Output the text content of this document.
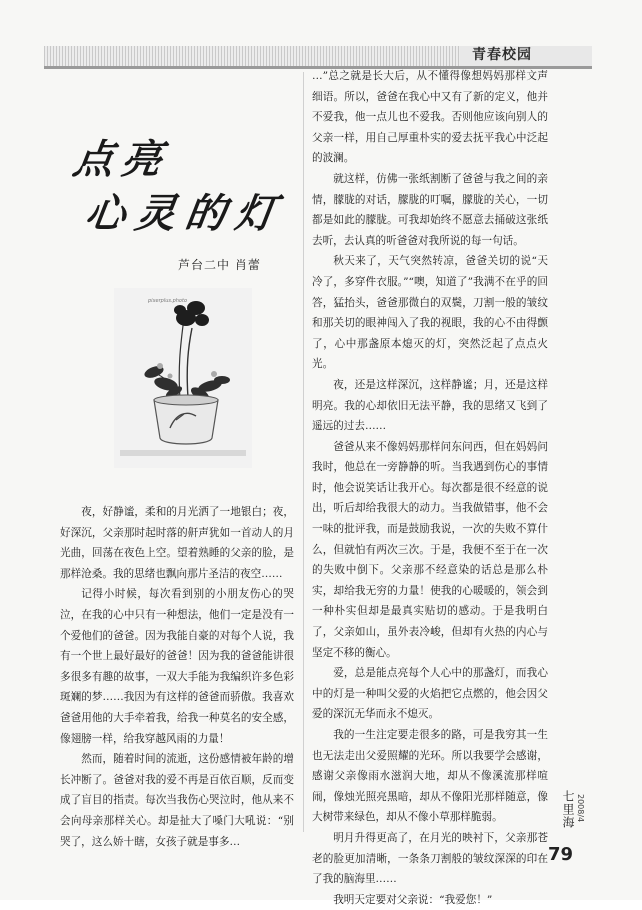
青春校园
点亮
心灵的灯
芦台二中 肖蕾
pixerplus.photo

夜，好静谧，柔和的月光洒了一地银白；夜，好深沉，父亲那时起时落的鼾声犹如一首动人的月光曲，回荡在夜色上空。望着熟睡的父亲的脸，是那样沧桑。我的思绪也飘向那片圣洁的夜空……

记得小时候，每次看到别的小朋友伤心的哭泣，在我的心中只有一种想法，他们一定是没有一个爱他们的爸爸。因为我能自豪的对每个人说，我有一个世上最好最好的爸爸！因为我的爸爸能讲很多很多有趣的故事，一双大手能为我编织许多色彩斑斓的梦……我因为有这样的爸爸而骄傲。我喜欢爸爸用他的大手牵着我，给我一种莫名的安全感，像翅膀一样，给我穿越风雨的力量！

然而，随着时间的流逝，这份感情被年龄的增长冲断了。爸爸对我的爱不再是百依百顺，反而变成了盲目的指责。每次当我伤心哭泣时，他从来不会向母亲那样关心。却是扯大了嗓门大吼说：“别哭了，这么娇十瞎，女孩子就是事多…

…”总之就是长大后，从不懂得像想妈妈那样文声细语。所以，爸爸在我心中又有了新的定义，他并不爱我，他一点儿也不爱我。否则他应该向别人的父亲一样，用自己厚重朴实的爱去抚平我心中泛起的波澜。

就这样，仿佛一张纸割断了爸爸与我之间的亲情，朦胧的对话，朦胧的叮嘱，朦胧的关心，一切都是如此的朦胧。可我却始终不愿意去捅破这张纸去听，去认真的听爸爸对我所说的每一句话。

秋天来了，天气突然转凉，爸爸关切的说“天冷了，多穿件衣服。”“噢，知道了”我满不在乎的回答，猛抬头，爸爸那微白的双鬓，刀割一般的皱纹和那关切的眼神闯入了我的视眼，我的心不由得颤了，心中那盏原本熄灭的灯，突然泛起了点点火光。

夜，还是这样深沉，这样静谧；月，还是这样明亮。我的心却依旧无法平静，我的思绪又飞到了遥远的过去……

爸爸从来不像妈妈那样问东问西，但在妈妈问我时，他总在一旁静静的听。当我遇到伤心的事情时，他会说笑话让我开心。每次都是很不经意的说出，听后却给我很大的动力。当我做错事，他不会一味的批评我，而是鼓励我说，一次的失败不算什么，但就怕有两次三次。于是，我便不至于在一次的失败中倒下。父亲那不经意染的话总是那么朴实，却给我无穷的力量！使我的心暖暖的，领会到一种朴实但却是最真实贴切的感动。于是我明白了，父亲如山，虽外表冷峻，但却有火热的内心与坚定不移的衡心。

爱，总是能点亮每个人心中的那盏灯，而我心中的灯是一种叫父爱的火焰把它点燃的，他会因父爱的深沉无华而永不熄灭。

我的一生注定要走很多的路，可是我穷其一生也无法走出父爱照耀的光环。所以我要学会感谢，感谢父亲像雨水滋润大地，却从不像溪流那样喧闹，像烛光照亮黑暗，却从不像阳光那样随意，像大树带来绿色，却从不像小草那样脆弱。

明月升得更高了，在月光的映衬下，父亲那苍老的脸更加清晰，一条条刀割般的皱纹深深的印在了我的脑海里……

我明天定要对父亲说：“我爱您！”

七里海 2008/4
79
